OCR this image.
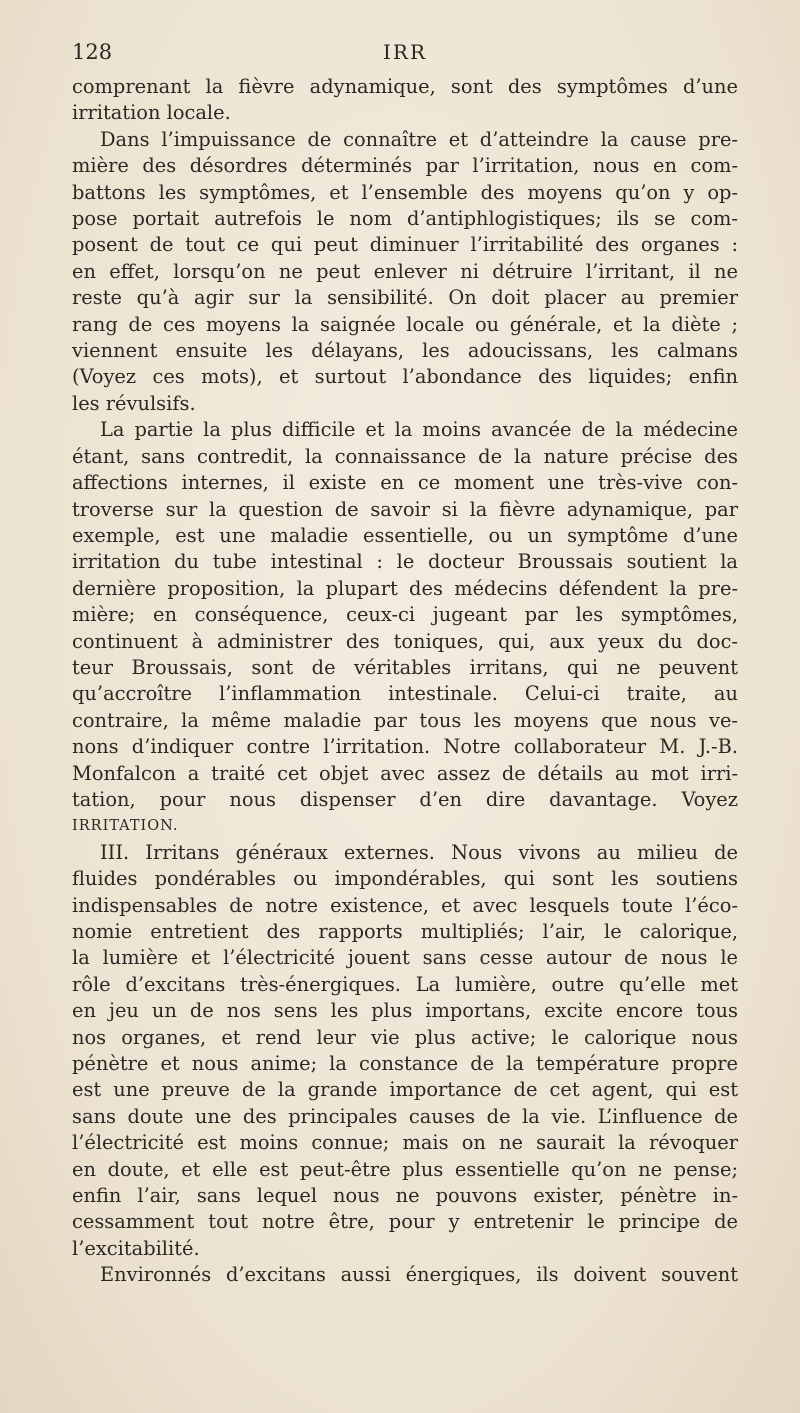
128	IRR
comprenant la fièvre adynamique, sont des symptômes d’une
irritation locale.
Dans l’impuissance de connaître et d’atteindre la cause pre-
mière des désordres déterminés par l’irritation, nous en com-
battons les symptômes, et l’ensemble des moyens qu’on y op-
pose portait autrefois le nom d’antiphlogistiques; ils se com-
posent de tout ce qui peut diminuer l’irritabilité des organes :
en effet, lorsqu’on ne peut enlever ni détruire l’irritant, il ne
reste qu’à agir sur la sensibilité. On doit placer au premier
rang de ces moyens la saignée locale ou générale, et la diète ;
viennent ensuite les délayans, les adoucissans, les calmans
(Voyez ces mots), et surtout l’abondance des liquides; enfin
les révulsifs.
La partie la plus difficile et la moins avancée de la médecine
étant, sans contredit, la connaissance de la nature précise des
affections internes, il existe en ce moment une très-vive con-
troverse sur la question de savoir si la fièvre adynamique, par
exemple, est une maladie essentielle, ou un symptôme d’une
irritation du tube intestinal : le docteur Broussais soutient la
dernière proposition, la plupart des médecins défendent la pre-
mière; en conséquence, ceux-ci jugeant par les symptômes,
continuent à administrer des toniques, qui, aux yeux du doc-
teur Broussais, sont de véritables irritans, qui ne peuvent
qu’accroître l’inflammation intestinale. Celui-ci traite, au
contraire, la même maladie par tous les moyens que nous ve-
nons d’indiquer contre l’irritation. Notre collaborateur M. J.-B.
Monfalcon a traité cet objet avec assez de détails au mot irri-
tation, pour nous dispenser d’en dire davantage. Voyez
IRRITATION.
III. Irritans généraux externes. Nous vivons au milieu de
fluides pondérables ou impondérables, qui sont les soutiens
indispensables de notre existence, et avec lesquels toute l’éco-
nomie entretient des rapports multipliés; l’air, le calorique,
la lumière et l’électricité jouent sans cesse autour de nous le
rôle d’excitans très-énergiques. La lumière, outre qu’elle met
en jeu un de nos sens les plus importans, excite encore tous
nos organes, et rend leur vie plus active; le calorique nous
pénètre et nous anime; la constance de la température propre
est une preuve de la grande importance de cet agent, qui est
sans doute une des principales causes de la vie. L’influence de
l’électricité est moins connue; mais on ne saurait la révoquer
en doute, et elle est peut-être plus essentielle qu’on ne pense;
enfin l’air, sans lequel nous ne pouvons exister, pénètre in-
cessamment tout notre être, pour y entretenir le principe de
l’excitabilité.
Environnés d’excitans aussi énergiques, ils doivent souvent
